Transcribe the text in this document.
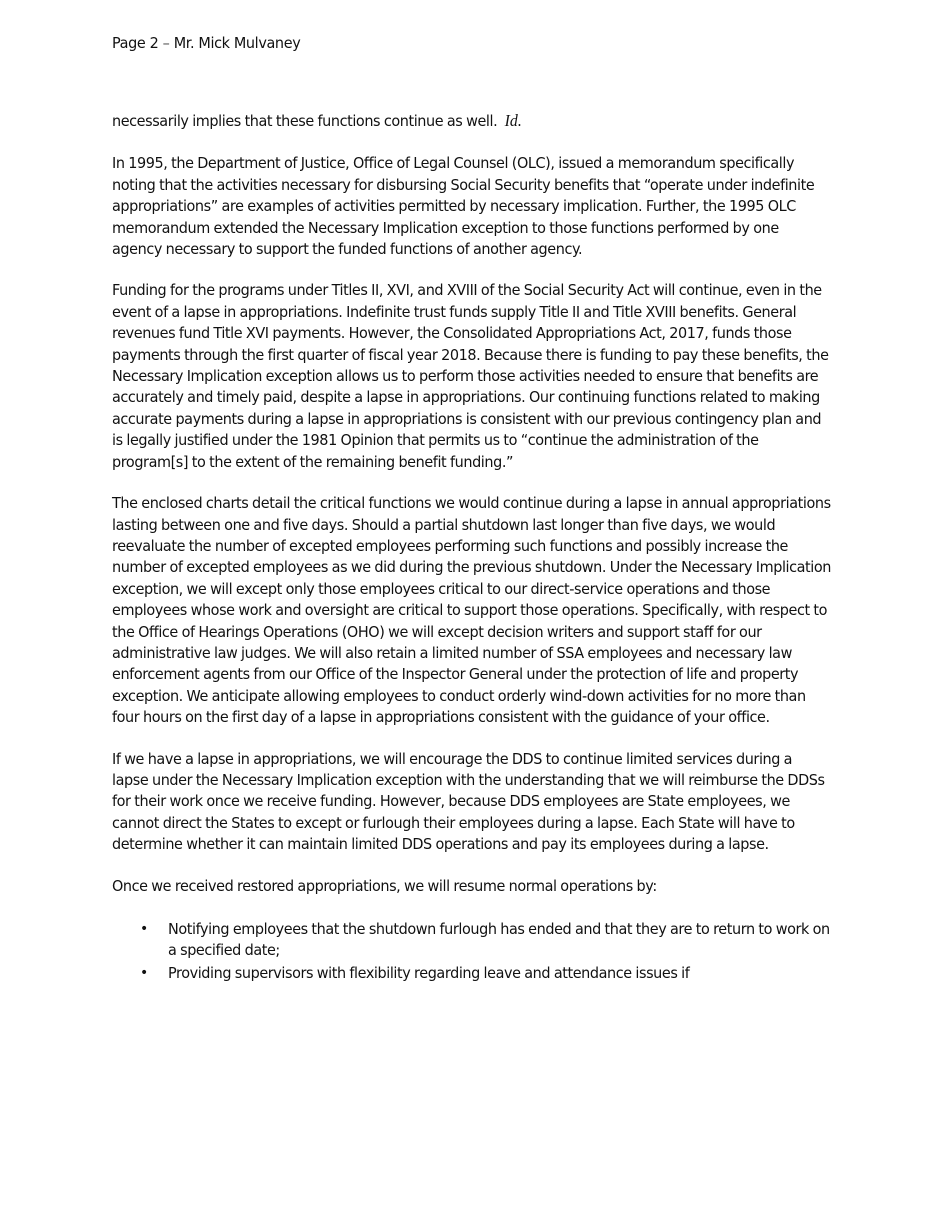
Page 2 – Mr. Mick Mulvaney

necessarily implies that these functions continue as well. Id.

In 1995, the Department of Justice, Office of Legal Counsel (OLC), issued a memorandum specifically noting that the activities necessary for disbursing Social Security benefits that “operate under indefinite appropriations” are examples of activities permitted by necessary implication. Further, the 1995 OLC memorandum extended the Necessary Implication exception to those functions performed by one agency necessary to support the funded functions of another agency.

Funding for the programs under Titles II, XVI, and XVIII of the Social Security Act will continue, even in the event of a lapse in appropriations. Indefinite trust funds supply Title II and Title XVIII benefits. General revenues fund Title XVI payments. However, the Consolidated Appropriations Act, 2017, funds those payments through the first quarter of fiscal year 2018. Because there is funding to pay these benefits, the Necessary Implication exception allows us to perform those activities needed to ensure that benefits are accurately and timely paid, despite a lapse in appropriations. Our continuing functions related to making accurate payments during a lapse in appropriations is consistent with our previous contingency plan and is legally justified under the 1981 Opinion that permits us to “continue the administration of the program[s] to the extent of the remaining benefit funding.”

The enclosed charts detail the critical functions we would continue during a lapse in annual appropriations lasting between one and five days. Should a partial shutdown last longer than five days, we would reevaluate the number of excepted employees performing such functions and possibly increase the number of excepted employees as we did during the previous shutdown. Under the Necessary Implication exception, we will except only those employees critical to our direct-service operations and those employees whose work and oversight are critical to support those operations. Specifically, with respect to the Office of Hearings Operations (OHO) we will except decision writers and support staff for our administrative law judges. We will also retain a limited number of SSA employees and necessary law enforcement agents from our Office of the Inspector General under the protection of life and property exception. We anticipate allowing employees to conduct orderly wind-down activities for no more than four hours on the first day of a lapse in appropriations consistent with the guidance of your office.

If we have a lapse in appropriations, we will encourage the DDS to continue limited services during a lapse under the Necessary Implication exception with the understanding that we will reimburse the DDSs for their work once we receive funding. However, because DDS employees are State employees, we cannot direct the States to except or furlough their employees during a lapse. Each State will have to determine whether it can maintain limited DDS operations and pay its employees during a lapse.

Once we received restored appropriations, we will resume normal operations by:

• Notifying employees that the shutdown furlough has ended and that they are to return to work on a specified date;
• Providing supervisors with flexibility regarding leave and attendance issues if
